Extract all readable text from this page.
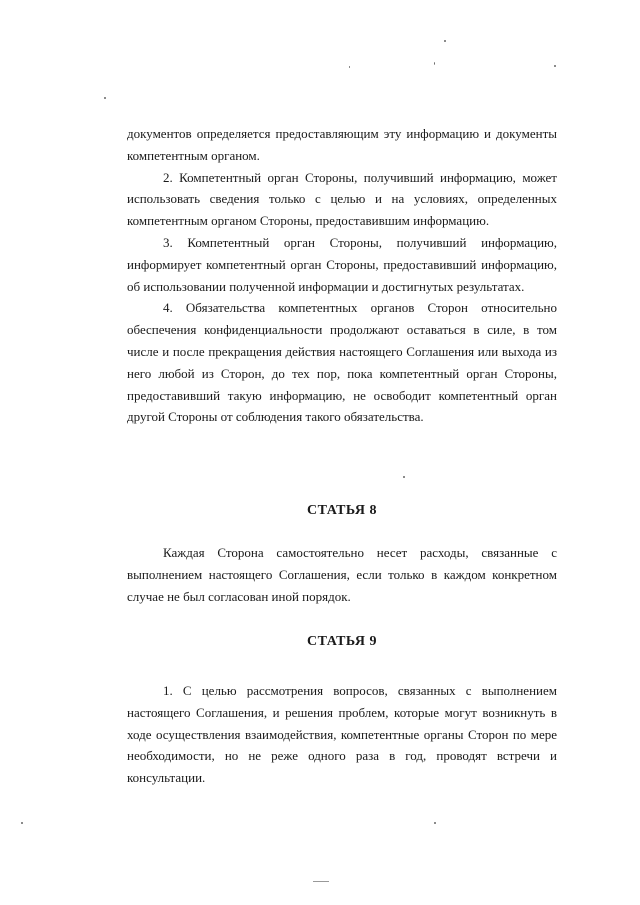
документов определяется предоставляющим эту информацию и документы компетентным органом.

2. Компетентный орган Стороны, получивший информацию, может использовать сведения только с целью и на условиях, определенных компетентным органом Стороны, предоставившим информацию.

3. Компетентный орган Стороны, получивший информацию, информирует компетентный орган Стороны, предоставивший информацию, об использовании полученной информации и достигнутых результатах.

4. Обязательства компетентных органов Сторон относительно обеспечения конфиденциальности продолжают оставаться в силе, в том числе и после прекращения действия настоящего Соглашения или выхода из него любой из Сторон, до тех пор, пока компетентный орган Стороны, предоставивший такую информацию, не освободит компетентный орган другой Стороны от соблюдения такого обязательства.

СТАТЬЯ 8

Каждая Сторона самостоятельно несет расходы, связанные с выполнением настоящего Соглашения, если только в каждом конкретном случае не был согласован иной порядок.

СТАТЬЯ 9

1. С целью рассмотрения вопросов, связанных с выполнением настоящего Соглашения, и решения проблем, которые могут возникнуть в ходе осуществления взаимодействия, компетентные органы Сторон по мере необходимости, но не реже одного раза в год, проводят встречи и консультации.
